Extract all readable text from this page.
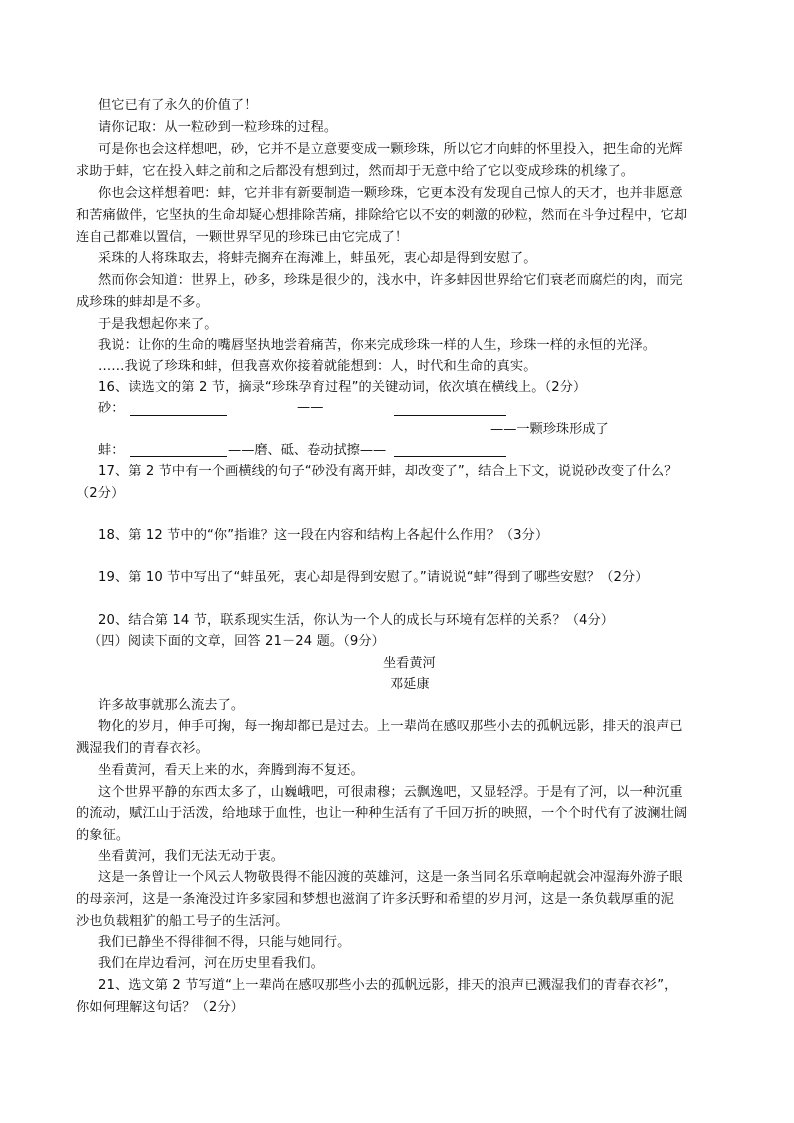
但它已有了永久的价值了！
请你记取：从一粒砂到一粒珍珠的过程。
可是你也会这样想吧，砂，它并不是立意要变成一颗珍珠，所以它才向蚌的怀里投入，把生命的光辉
求助于蚌，它在投入蚌之前和之后都没有想到过，然而却于无意中给了它以变成珍珠的机缘了。
你也会这样想着吧：蚌，它并非有新要制造一颗珍珠，它更本没有发现自己惊人的天才，也并非愿意
和苦痛做伴，它坚执的生命却疑心想排除苦痛，排除给它以不安的刺激的砂粒，然而在斗争过程中，它却
连自己都难以置信，一颗世界罕见的珍珠已由它完成了！
采珠的人将珠取去，将蚌壳搁弃在海滩上，蚌虽死，衷心却是得到安慰了。
然而你会知道：世界上，砂多，珍珠是很少的，浅水中，许多蚌因世界给它们衰老而腐烂的肉，而完
成珍珠的蚌却是不多。
于是我想起你来了。
我说：让你的生命的嘴唇坚执地尝着痛苦，你来完成珍珠一样的人生，珍珠一样的永恒的光泽。
……我说了珍珠和蚌，但我喜欢你接着就能想到：人，时代和生命的真实。
16、读选文的第 2 节，摘录“珍珠孕育过程”的关键动词，依次填在横线上。（2分）
砂：	——
——一颗珍珠形成了
蚌：	——磨、砥、卷动拭擦——
17、第 2 节中有一个画横线的句子“砂没有离开蚌，却改变了”，结合上下文，说说砂改变了什么？
（2分）
18、第 12 节中的“你”指谁？这一段在内容和结构上各起什么作用？（3分）
19、第 10 节中写出了“蚌虽死，衷心却是得到安慰了。”请说说“蚌”得到了哪些安慰？（2分）
20、结合第 14 节，联系现实生活，你认为一个人的成长与环境有怎样的关系？（4分）
（四）阅读下面的文章，回答 21－24 题。（9分）
坐看黄河
邓延康
许多故事就那么流去了。
物化的岁月，伸手可掬，每一掬却都已是过去。上一辈尚在感叹那些小去的孤帆远影，排天的浪声已
溅湿我们的青春衣衫。
坐看黄河，看天上来的水，奔腾到海不复还。
这个世界平静的东西太多了，山巍峨吧，可很肃穆；云飘逸吧，又显轻浮。于是有了河，以一种沉重
的流动，赋江山于活泼，给地球于血性，也让一种种生活有了千回万折的映照，一个个时代有了波澜壮阔
的象征。
坐看黄河，我们无法无动于衷。
这是一条曾让一个风云人物敬畏得不能囚渡的英雄河，这是一条当同名乐章响起就会冲湿海外游子眼
的母亲河，这是一条淹没过许多家园和梦想也滋润了许多沃野和希望的岁月河，这是一条负载厚重的泥
沙也负载粗犷的船工号子的生活河。
我们已静坐不得徘徊不得，只能与她同行。
我们在岸边看河，河在历史里看我们。
21、选文第 2 节写道“上一辈尚在感叹那些小去的孤帆远影，排天的浪声已溅湿我们的青春衣衫”，
你如何理解这句话？（2分）
